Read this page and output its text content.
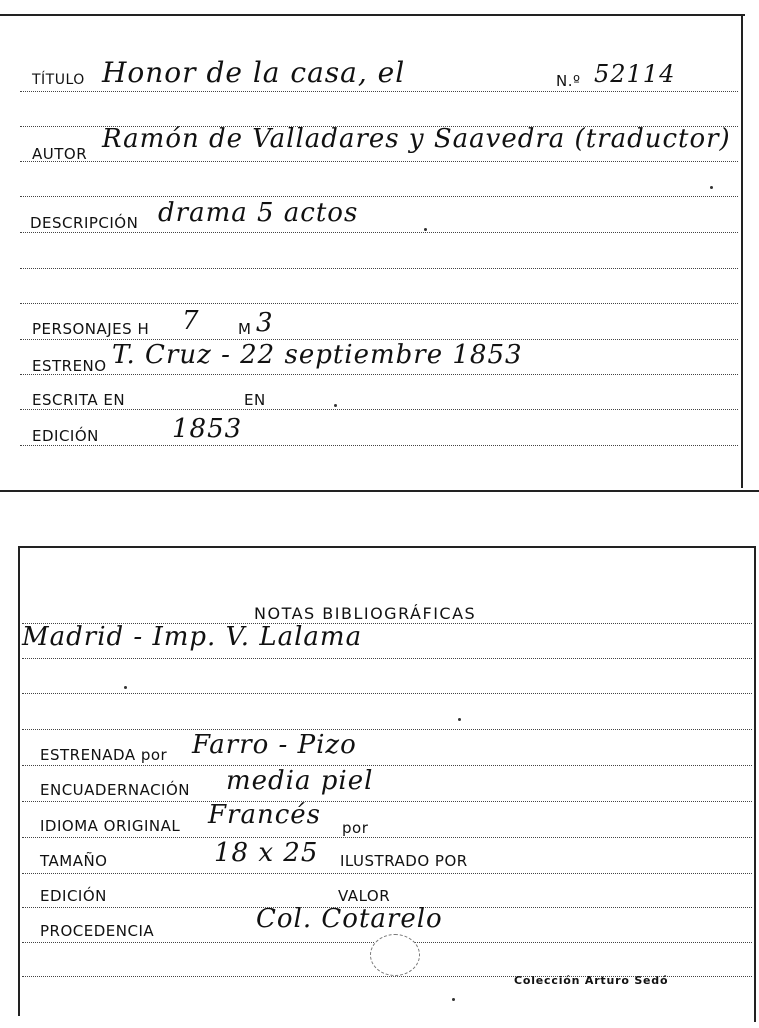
TÍTULO Honor de la casa, el	N.º 52114
AUTOR Ramón de Valladares y Saavedra (traductor)
DESCRIPCIÓN drama 5 actos
PERSONAJES H 7	M 3
ESTRENO T. Cruz - 22 septiembre 1853
ESCRITA EN	EN
EDICIÓN	1853
NOTAS BIBLIOGRÁFICAS
Madrid - Imp. V. Lalama
ESTRENADA por Farro - Pizo
ENCUADERNACIÓN media piel
IDIOMA ORIGINAL Francés por
TAMAÑO	18 x 25 ILUSTRADO POR
EDICIÓN	VALOR
PROCEDENCIA	Col. Cotarelo
Colección Arturo Sedó
